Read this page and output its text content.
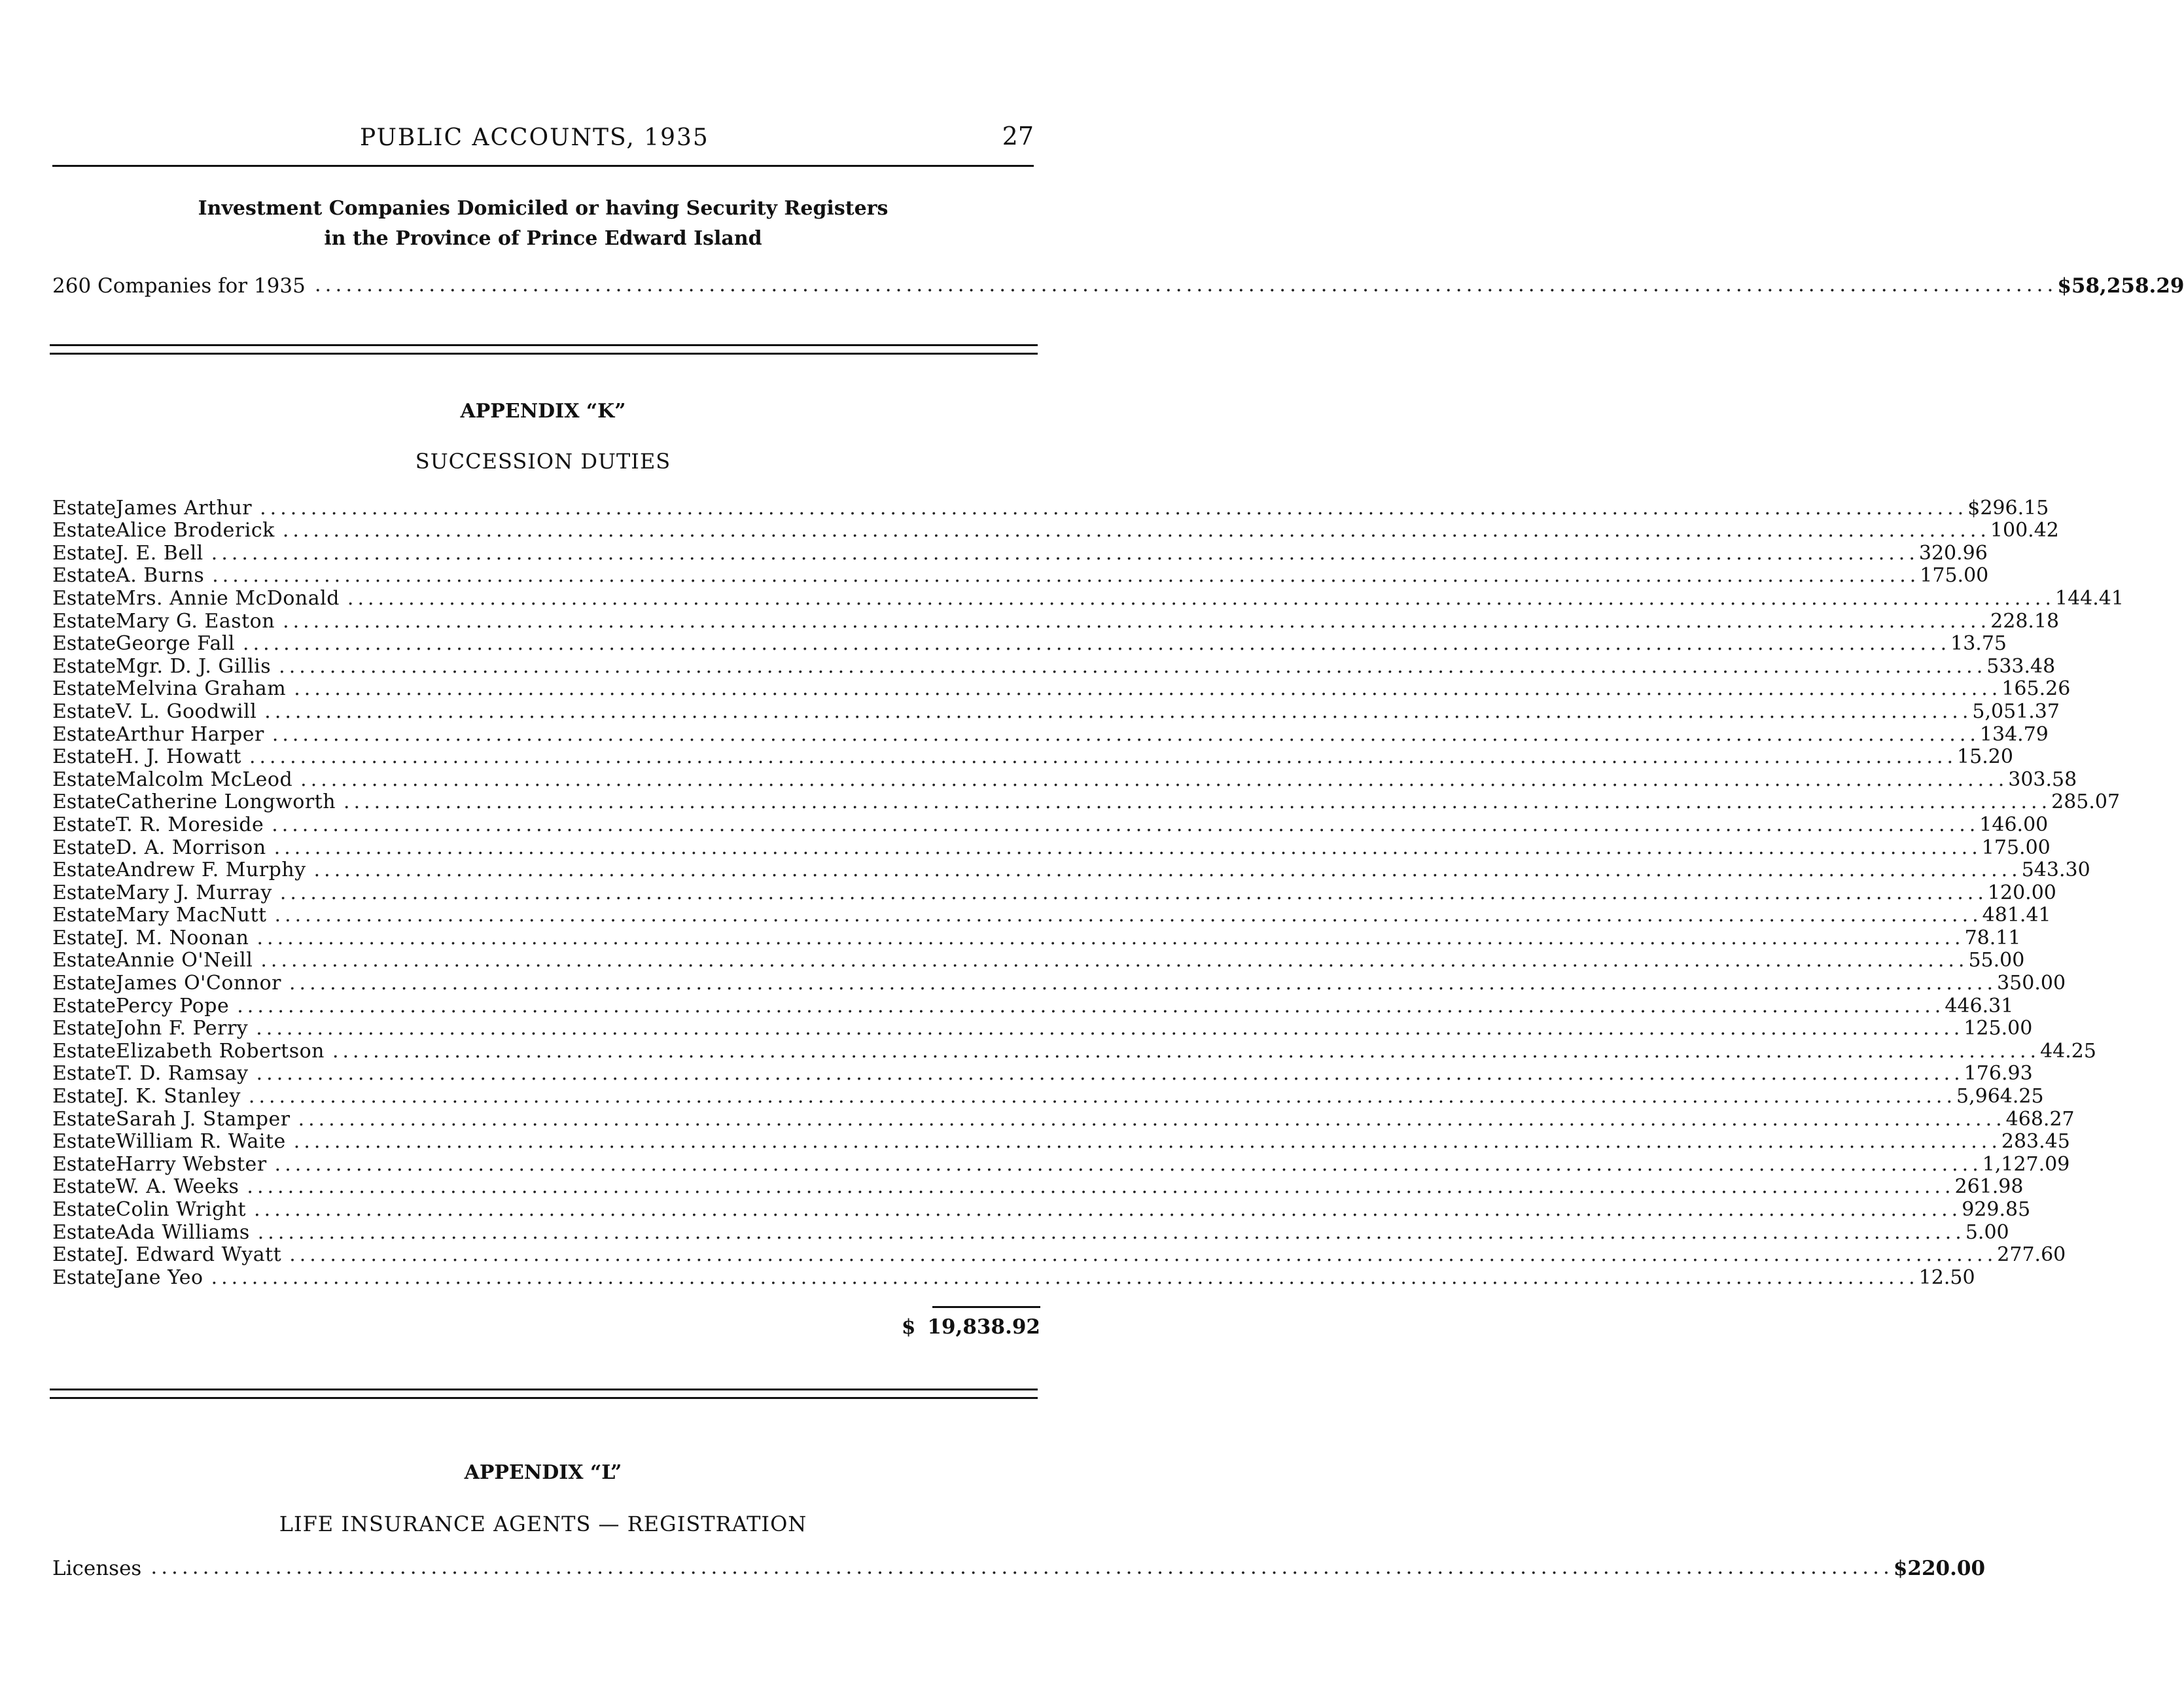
PUBLIC ACCOUNTS, 1935	27
Investment Companies Domiciled or having Security Registers
in the Province of Prince Edward Island
260 Companies for 1935 ........................................................................................................................................................................ $ 58,258.29
APPENDIX “K”
SUCCESSION DUTIES
Estate James Arthur ........................................................................................................................................................................ $ 296.15
Estate Alice Broderick ........................................................................................................................................................................ 100.42
Estate J. E. Bell ........................................................................................................................................................................ 320.96
Estate A. Burns ........................................................................................................................................................................ 175.00
Estate Mrs. Annie McDonald ........................................................................................................................................................................ 144.41
Estate Mary G. Easton ........................................................................................................................................................................ 228.18
Estate George Fall ........................................................................................................................................................................ 13.75
Estate Mgr. D. J. Gillis ........................................................................................................................................................................ 533.48
Estate Melvina Graham ........................................................................................................................................................................ 165.26
Estate V. L. Goodwill ........................................................................................................................................................................ 5,051.37
Estate Arthur Harper ........................................................................................................................................................................ 134.79
Estate H. J. Howatt ........................................................................................................................................................................ 15.20
Estate Malcolm McLeod ........................................................................................................................................................................ 303.58
Estate Catherine Longworth ........................................................................................................................................................................ 285.07
Estate T. R. Moreside ........................................................................................................................................................................ 146.00
Estate D. A. Morrison ........................................................................................................................................................................ 175.00
Estate Andrew F. Murphy ........................................................................................................................................................................ 543.30
Estate Mary J. Murray ........................................................................................................................................................................ 120.00
Estate Mary MacNutt ........................................................................................................................................................................ 481.41
Estate J. M. Noonan ........................................................................................................................................................................ 78.11
Estate Annie O'Neill ........................................................................................................................................................................ 55.00
Estate James O'Connor ........................................................................................................................................................................ 350.00
Estate Percy Pope ........................................................................................................................................................................ 446.31
Estate John F. Perry ........................................................................................................................................................................ 125.00
Estate Elizabeth Robertson ........................................................................................................................................................................ 44.25
Estate T. D. Ramsay ........................................................................................................................................................................ 176.93
Estate J. K. Stanley ........................................................................................................................................................................ 5,964.25
Estate Sarah J. Stamper ........................................................................................................................................................................ 468.27
Estate William R. Waite ........................................................................................................................................................................ 283.45
Estate Harry Webster ........................................................................................................................................................................ 1,127.09
Estate W. A. Weeks ........................................................................................................................................................................ 261.98
Estate Colin Wright ........................................................................................................................................................................ 929.85
Estate Ada Williams ........................................................................................................................................................................ 5.00
Estate J. Edward Wyatt ........................................................................................................................................................................ 277.60
Estate Jane Yeo ........................................................................................................................................................................ 12.50
$ 19,838.92
APPENDIX “L”
LIFE INSURANCE AGENTS — REGISTRATION
Licenses ........................................................................................................................................................................ $ 220.00
